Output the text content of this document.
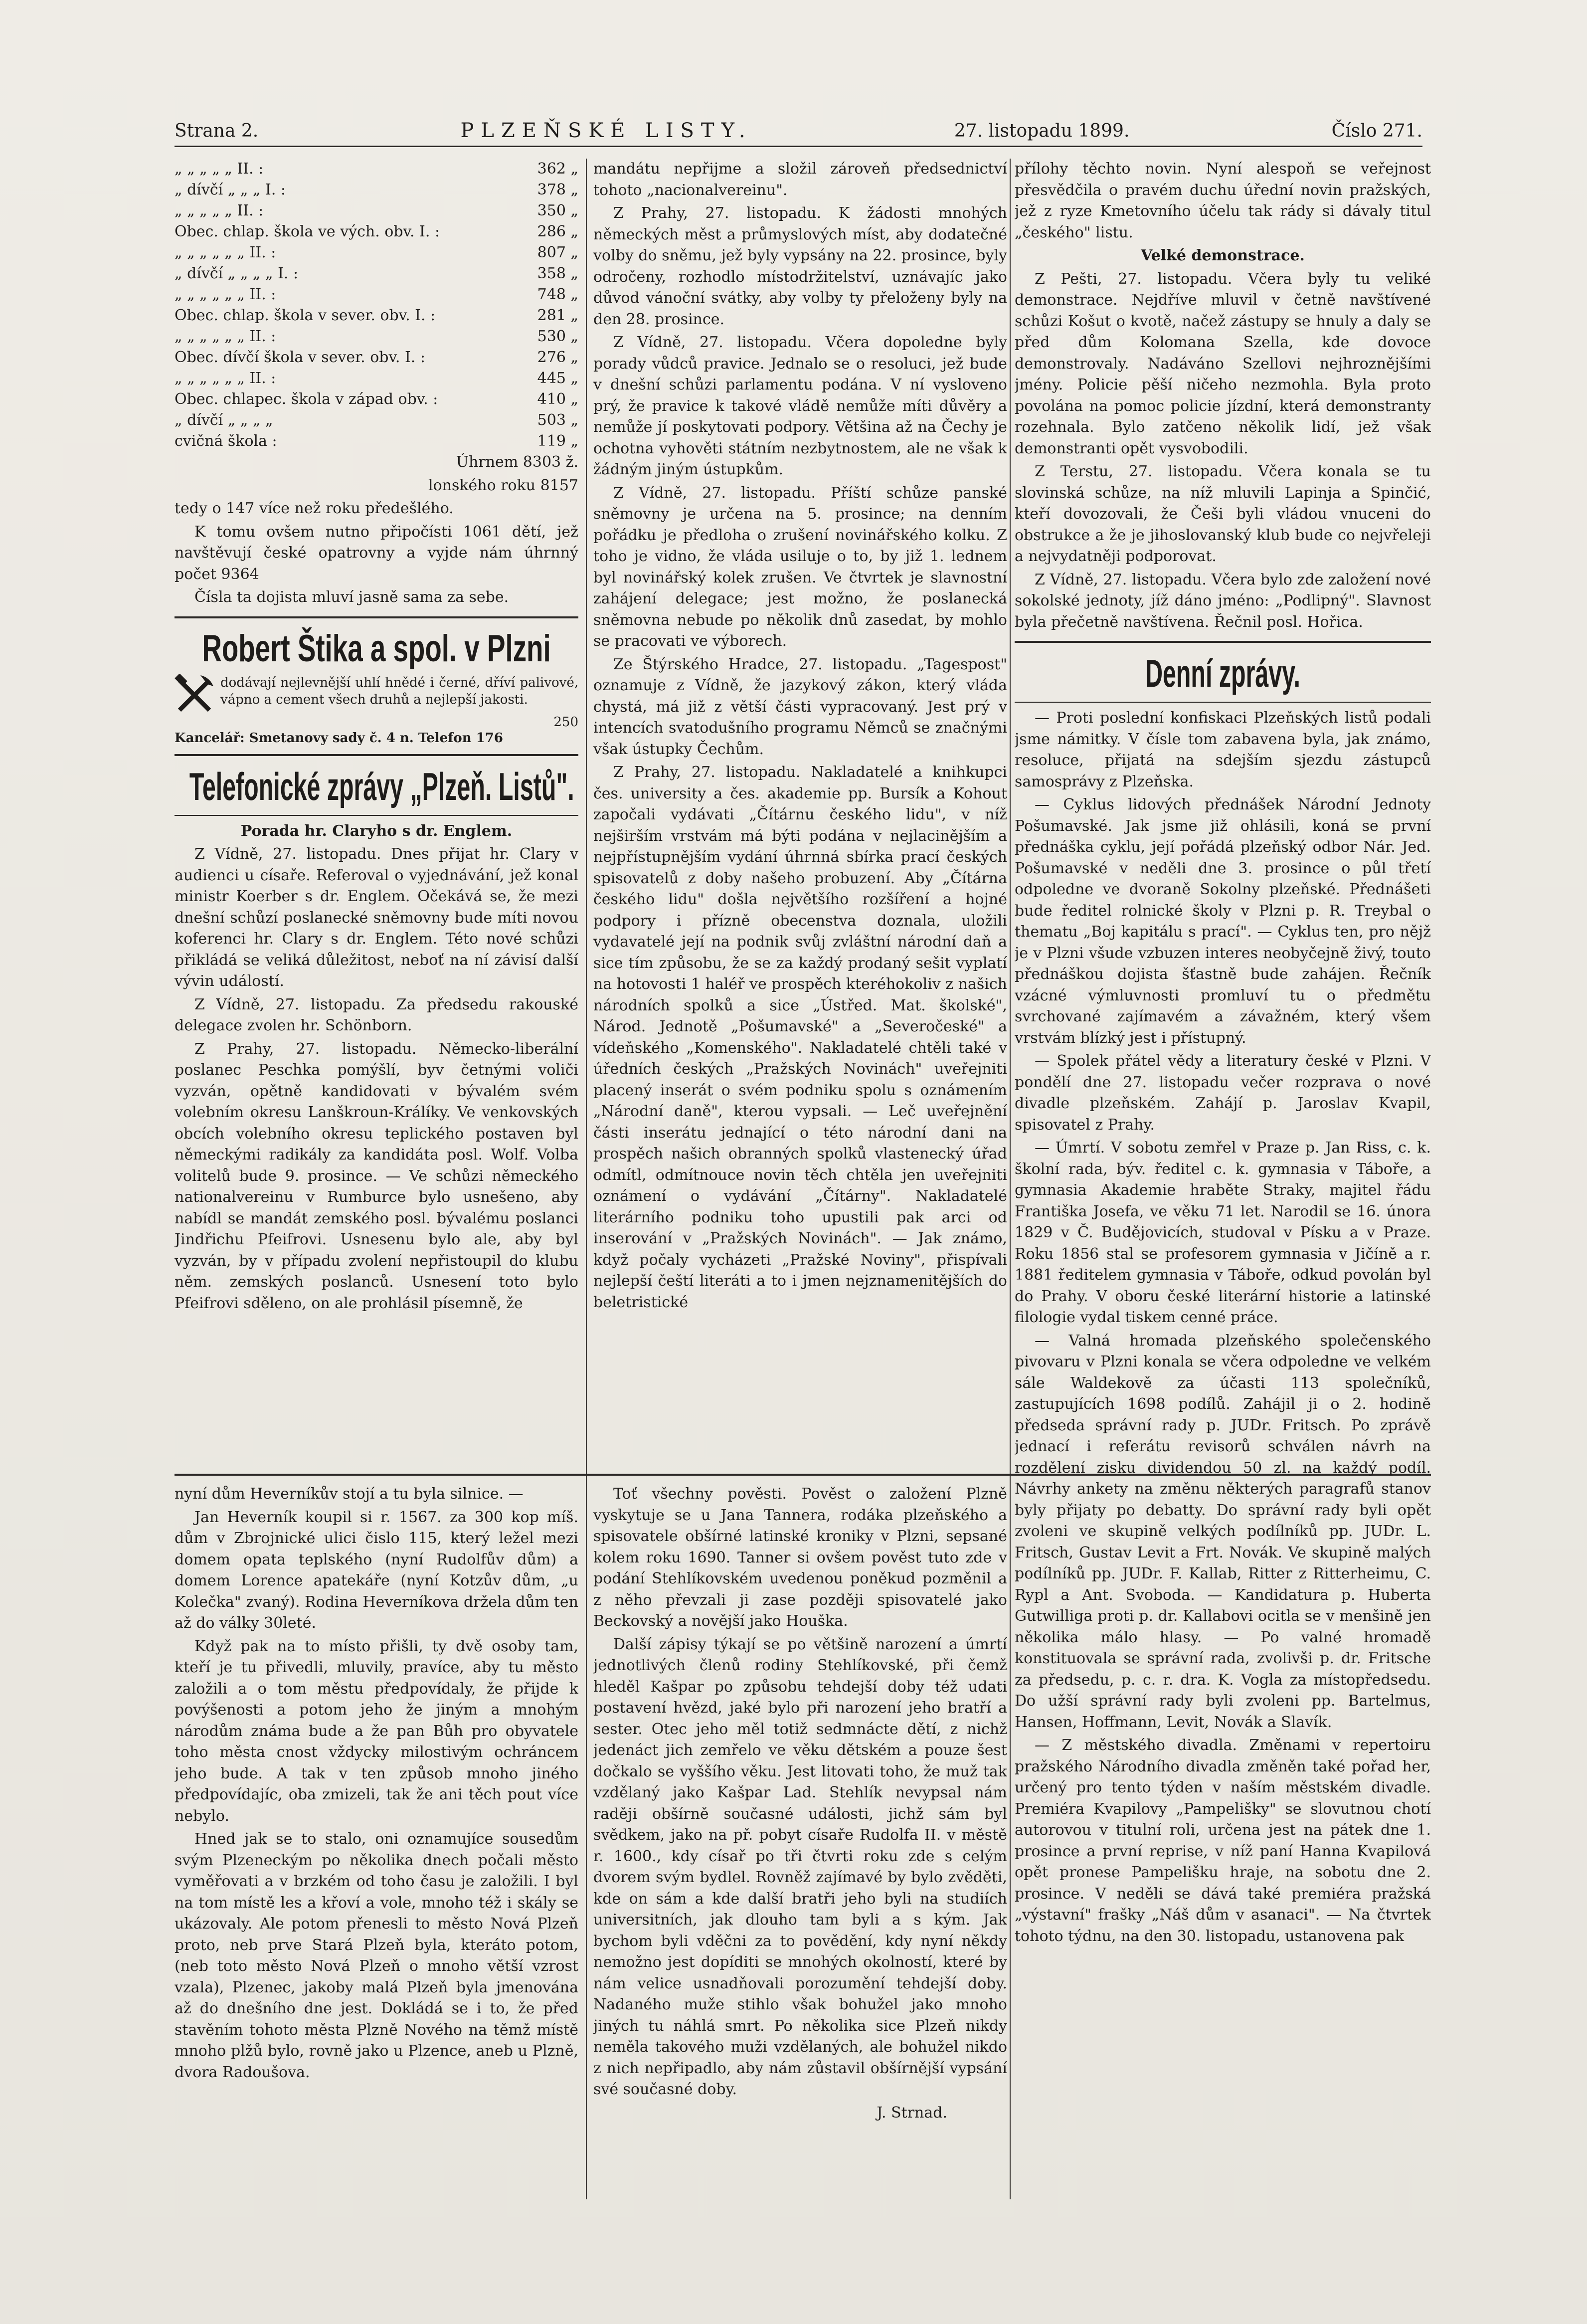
Strana 2.	PLZEŇSKÉ LISTY.	27. listopadu 1899.	Číslo 271.
„ „ „ „ „ II. :	362 „
„ dívčí „ „ „ I. :	378 „
„ „ „ „ „ II. :	350 „
Obec. chlap. škola ve vých. obv. I. :	286 „
„ „ „ „ „ „ II. :	807 „
„ dívčí „ „ „ „ I. :	358 „
„ „ „ „ „ „ II. :	748 „
Obec. chlap. škola v sever. obv. I. :	281 „
„ „ „ „ „ „ II. :	530 „
Obec. dívčí škola v sever. obv. I. :	276 „
„ „ „ „ „ „ II. :	445 „
Obec. chlapec. škola v západ obv. :	410 „
„ dívčí „ „ „ „	503 „
cvičná škola :	119 „

Úhrnem 8303 ž.

lonského roku 8157

tedy o 147 více než roku předešlého.

K tomu ovšem nutno připočísti 1061 dětí, jež navštěvují české opatrovny a vyjde nám úhrnný počet 9364

Čísla ta dojista mluví jasně sama za sebe.

Robert Štika a spol. v Plzni
dodávají nejlevnější uhlí hnědé i černé, dříví palivové, vápno a cement všech druhů a nejlepší jakosti.
250
Kancelář: Smetanovy sady č. 4 n. Telefon 176
Telefonické zprávy „Plzeň. Listů".

Porada hr. Claryho s dr. Englem.

Z Vídně, 27. listopadu. Dnes přijat hr. Clary v audienci u císaře. Referoval o vyjednávání, jež konal ministr Koerber s dr. Englem. Očekává se, že mezi dnešní schůzí poslanecké sněmovny bude míti novou koferenci hr. Clary s dr. Englem. Této nové schůzi přikládá se veliká důležitost, neboť na ní závisí další vývin událostí.

Z Vídně, 27. listopadu. Za předsedu rakouské delegace zvolen hr. Schönborn.

Z Prahy, 27. listopadu. Německo-liberální poslanec Peschka pomýšlí, byv četnými voliči vyzván, opětně kandidovati v bývalém svém volebním okresu Lanškroun-Králíky. Ve venkovských obcích volebního okresu teplického postaven byl německými radikály za kandidáta posl. Wolf. Volba volitelů bude 9. prosince. — Ve schůzi německého nationalvereinu v Rumburce bylo usnešeno, aby nabídl se mandát zemského posl. bývalému poslanci Jindřichu Pfeifrovi. Usnesenu bylo ale, aby byl vyzván, by v případu zvolení nepřistoupil do klubu něm. zemských poslanců. Usnesení toto bylo Pfeifrovi sděleno, on ale prohlásil písemně, že

nyní dům Heverníkův stojí a tu byla silnice. —

Jan Heverník koupil si r. 1567. za 300 kop míš. dům v Zbrojnické ulici čislo 115, který ležel mezi domem opata teplského (nyní Rudolfův dům) a domem Lorence apatekáře (nyní Kotzův dům, „u Kolečka" zvaný). Rodina Heverníkova držela dům ten až do války 30leté.

Když pak na to místo přišli, ty dvě osoby tam, kteří je tu přivedli, mluvily, pravíce, aby tu město založili a o tom městu předpovídaly, že přijde k povýšenosti a potom jeho že jiným a mnohým národům známa bude a že pan Bůh pro obyvatele toho města cnost vždycky milostivým ochráncem jeho bude. A tak v ten způsob mnoho jiného předpovídajíc, oba zmizeli, tak že ani těch pout více nebylo.

Hned jak se to stalo, oni oznamujíce sousedům svým Plzeneckým po několika dnech počali město vyměřovati a v brzkém od toho času je založili. I byl na tom místě les a křoví a vole, mnoho též i skály se ukázovaly. Ale potom přenesli to město Nová Plzeň proto, neb prve Stará Plzeň byla, kteráto potom, (neb toto město Nová Plzeň o mnoho větší vzrost vzala), Plzenec, jakoby malá Plzeň byla jmenována až do dnešního dne jest. Dokládá se i to, že před stavěním tohoto města Plzně Nového na těmž místě mnoho plžů bylo, rovně jako u Plzence, aneb u Plzně, dvora Radoušova.

mandátu nepřijme a složil zároveň předsednictví tohoto „nacionalvereinu".

Z Prahy, 27. listopadu. K žádosti mnohých německých měst a průmyslových míst, aby dodatečné volby do sněmu, jež byly vypsány na 22. prosince, byly odročeny, rozhodlo místodržitelství, uznávajíc jako důvod vánoční svátky, aby volby ty přeloženy byly na den 28. prosince.

Z Vídně, 27. listopadu. Včera dopoledne byly porady vůdců pravice. Jednalo se o resoluci, jež bude v dnešní schůzi parlamentu podána. V ní vysloveno prý, že pravice k takové vládě nemůže míti důvěry a nemůže jí poskytovati podpory. Většina až na Čechy je ochotna vyhověti státním nezbytnostem, ale ne však k žádným jiným ústupkům.

Z Vídně, 27. listopadu. Příští schůze panské sněmovny je určena na 5. prosince; na denním pořádku je předloha o zrušení novinářského kolku. Z toho je vidno, že vláda usiluje o to, by již 1. lednem byl novinářský kolek zrušen. Ve čtvrtek je slavnostní zahájení delegace; jest možno, že poslanecká sněmovna nebude po několik dnů zasedat, by mohlo se pracovati ve výborech.

Ze Štýrského Hradce, 27. listopadu. „Tagespost" oznamuje z Vídně, že jazykový zákon, který vláda chystá, má již z větší části vypracovaný. Jest prý v intencích svatodušního programu Němců se značnými však ústupky Čechům.

Z Prahy, 27. listopadu. Nakladatelé a knihkupci čes. university a čes. akademie pp. Bursík a Kohout započali vydávati „Čítárnu českého lidu", v níž nejširším vrstvám má býti podána v nejlacinějším a nejpřístupnějším vydání úhrnná sbírka prací českých spisovatelů z doby našeho probuzení. Aby „Čítárna českého lidu" došla největšího rozšíření a hojné podpory i přízně obecenstva doznala, uložili vydavatelé její na podnik svůj zvláštní národní daň a sice tím způsobu, že se za každý prodaný sešit vyplatí na hotovosti 1 haléř ve prospěch kteréhokoliv z našich národních spolků a sice „Ústřed. Mat. školské", Národ. Jednotě „Pošumavské" a „Severočeské" a vídeňského „Komenského". Nakladatelé chtěli také v úředních českých „Pražských Novinách" uveřejniti placený inserát o svém podniku spolu s oznámením „Národní daně", kterou vypsali. — Leč uveřejnění části inserátu jednající o této národní dani na prospěch našich obranných spolků vlastenecký úřad odmítl, odmítnouce novin těch chtěla jen uveřejniti oznámení o vydávání „Čítárny". Nakladatelé literárního podniku toho upustili pak arci od inserování v „Pražských Novinách". — Jak známo, když počaly vycházeti „Pražské Noviny", přispívali nejlepší čeští literáti a to i jmen nejznamenitějších do beletristické

Toť všechny pověsti. Pověst o založení Plzně vyskytuje se u Jana Tannera, rodáka plzeňského a spisovatele obšírné latinské kroniky v Plzni, sepsané kolem roku 1690. Tanner si ovšem pověst tuto zde v podání Stehlíkovském uvedenou poněkud pozměnil a z něho převzali ji zase později spisovatelé jako Beckovský a novější jako Houška.

Další zápisy týkají se po většině narození a úmrtí jednotlivých členů rodiny Stehlíkovské, při čemž hleděl Kašpar po způsobu tehdejší doby též udati postavení hvězd, jaké bylo při narození jeho bratří a sester. Otec jeho měl totiž sedmnácte dětí, z nichž jedenáct jich zemřelo ve věku dětském a pouze šest dočkalo se vyššího věku. Jest litovati toho, že muž tak vzdělaný jako Kašpar Lad. Stehlík nevypsal nám raději obšírně současné události, jichž sám byl svědkem, jako na př. pobyt císaře Rudolfa II. v městě r. 1600., kdy císař po tři čtvrti roku zde s celým dvorem svým bydlel. Rovněž zajímavé by bylo zvěděti, kde on sám a kde další bratři jeho byli na studiích universitních, jak dlouho tam byli a s kým. Jak bychom byli vděčni za to povědění, kdy nyní někdy nemožno jest dopíditi se mnohých okolností, které by nám velice usnadňovali porozumění tehdejší doby. Nadaného muže stihlo však bohužel jako mnoho jiných tu náhlá smrt. Po několika sice Plzeň nikdy neměla takového muži vzdělaných, ale bohužel nikdo z nich nepřipadlo, aby nám zůstavil obšírnější vypsání své současné doby.

J. Strnad.

přílohy těchto novin. Nyní alespoň se veřejnost přesvědčila o pravém duchu úřední novin pražských, jež z ryze Kmetovního účelu tak rády si dávaly titul „českého" listu.

Velké demonstrace.

Z Pešti, 27. listopadu. Včera byly tu veliké demonstrace. Nejdříve mluvil v četně navštívené schůzi Košut o kvotě, načež zástupy se hnuly a daly se před dům Kolomana Szella, kde dovoce demonstrovaly. Nadáváno Szellovi nejhroznějšími jmény. Policie pěší ničeho nezmohla. Byla proto povolána na pomoc policie jízdní, která demonstranty rozehnala. Bylo zatčeno několik lidí, jež však demonstranti opět vysvobodili.

Z Terstu, 27. listopadu. Včera konala se tu slovinská schůze, na níž mluvili Lapinja a Spinčić, kteří dovozovali, že Češi byli vládou vnuceni do obstrukce a že je jihoslovanský klub bude co nejvřeleji a nejvydatněji podporovat.

Z Vídně, 27. listopadu. Včera bylo zde založení nové sokolské jednoty, jíž dáno jméno: „Podlipný". Slavnost byla přečetně navštívena. Řečnil posl. Hořica.

Denní zprávy.

— Proti poslední konfiskaci Plzeňských listů podali jsme námitky. V čísle tom zabavena byla, jak známo, resoluce, přijatá na sdejším sjezdu zástupců samosprávy z Plzeňska.

— Cyklus lidových přednášek Národní Jednoty Pošumavské. Jak jsme již ohlásili, koná se první přednáška cyklu, její pořádá plzeňský odbor Nár. Jed. Pošumavské v neděli dne 3. prosince o půl třetí odpoledne ve dvoraně Sokolny plzeňské. Přednášeti bude ředitel rolnické školy v Plzni p. R. Treybal o thematu „Boj kapitálu s prací". — Cyklus ten, pro nějž je v Plzni všude vzbuzen interes neobyčejně živý, touto přednáškou dojista šťastně bude zahájen. Řečník vzácné výmluvnosti promluví tu o předmětu svrchované zajímavém a závažném, který všem vrstvám blízký jest i přístupný.

— Spolek přátel vědy a literatury české v Plzni. V pondělí dne 27. listopadu večer rozprava o nové divadle plzeňském. Zahájí p. Jaroslav Kvapil, spisovatel z Prahy.

— Úmrtí. V sobotu zemřel v Praze p. Jan Riss, c. k. školní rada, býv. ředitel c. k. gymnasia v Táboře, a gymnasia Akademie hraběte Straky, majitel řádu Františka Josefa, ve věku 71 let. Narodil se 16. února 1829 v Č. Budějovicích, studoval v Písku a v Praze. Roku 1856 stal se profesorem gymnasia v Jičíně a r. 1881 ředitelem gymnasia v Táboře, odkud povolán byl do Prahy. V oboru české literární historie a latinské filologie vydal tiskem cenné práce.

— Valná hromada plzeňského společenského pivovaru v Plzni konala se včera odpoledne ve velkém sále Waldekově za účasti 113 společníků, zastupujících 1698 podílů. Zahájil ji o 2. hodině předseda správní rady p. JUDr. Fritsch. Po zprávě jednací i referátu revisorů schválen návrh na rozdělení zisku dividendou 50 zl. na každý podíl. Návrhy ankety na změnu některých paragrafů stanov byly přijaty po debatty. Do správní rady byli opět zvoleni ve skupině velkých podílníků pp. JUDr. L. Fritsch, Gustav Levit a Frt. Novák. Ve skupině malých podílníků pp. JUDr. F. Kallab, Ritter z Ritterheimu, C. Rypl a Ant. Svoboda. — Kandidatura p. Huberta Gutwilliga proti p. dr. Kallabovi ocitla se v menšině jen několika málo hlasy. — Po valné hromadě konstituovala se správní rada, zvolivši p. dr. Fritsche za předsedu, p. c. r. dra. K. Vogla za místopředsedu. Do užší správní rady byli zvoleni pp. Bartelmus, Hansen, Hoffmann, Levit, Novák a Slavík.

— Z městského divadla. Změnami v repertoiru pražského Národního divadla změněn také pořad her, určený pro tento týden v naším městském divadle. Premiéra Kvapilovy „Pampelišky" se slovutnou chotí autorovou v titulní roli, určena jest na pátek dne 1. prosince a první reprise, v níž paní Hanna Kvapilová opět pronese Pampelišku hraje, na sobotu dne 2. prosince. V neděli se dává také premiéra pražská „výstavní" frašky „Náš dům v asanaci". — Na čtvrtek tohoto týdnu, na den 30. listopadu, ustanovena pak
